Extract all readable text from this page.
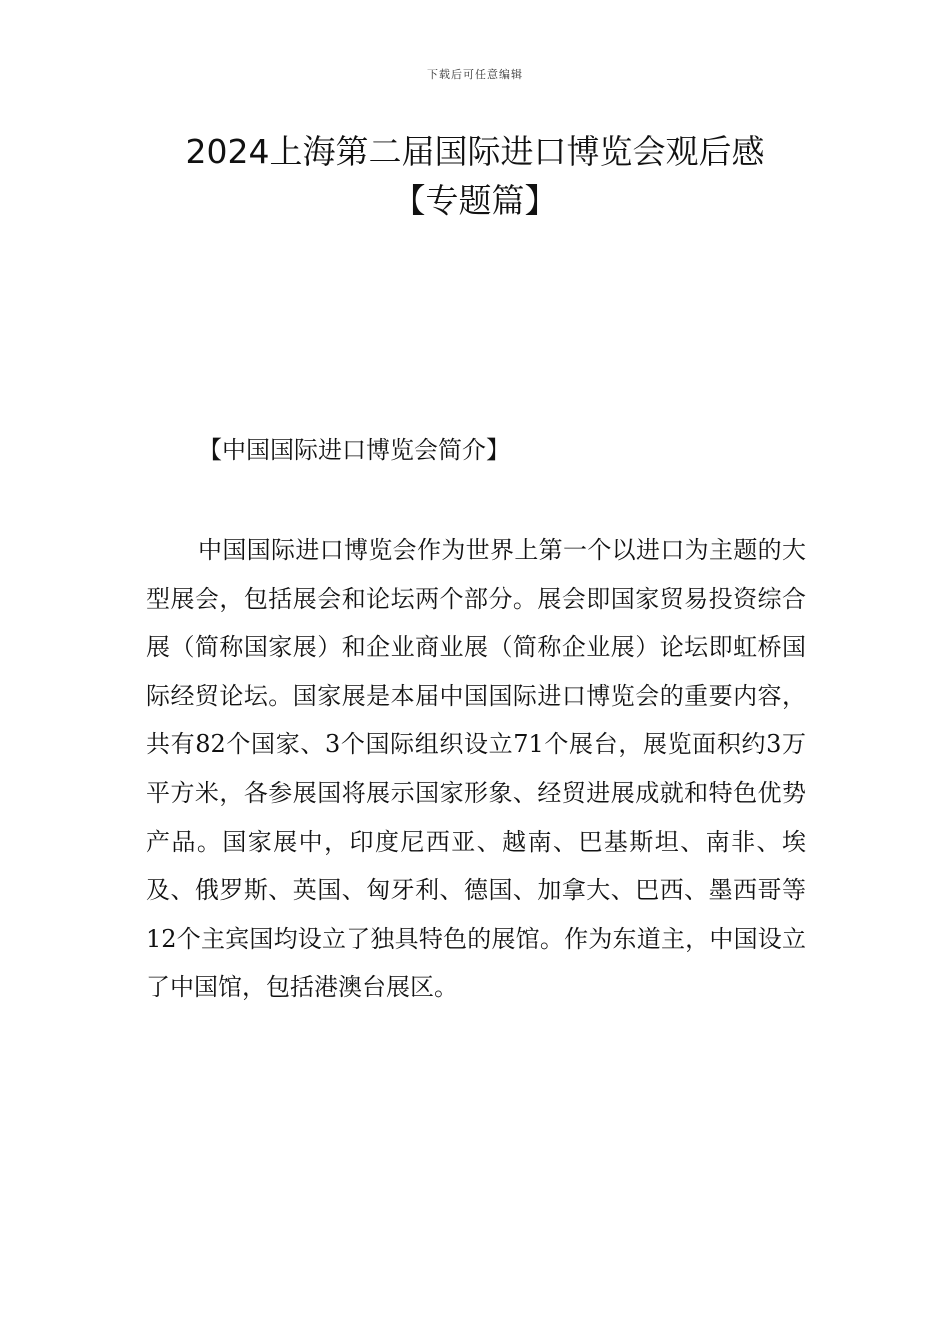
下载后可任意编辑
2024上海第二届国际进口博览会观后感
【专题篇】
【中国国际进口博览会简介】

中国国际进口博览会作为世界上第一个以进口为主题的大型展会，包括展会和论坛两个部分。展会即国家贸易投资综合展（简称国家展）和企业商业展（简称企业展）论坛即虹桥国际经贸论坛。国家展是本届中国国际进口博览会的重要内容，共有82个国家、3个国际组织设立71个展台，展览面积约3万平方米，各参展国将展示国家形象、经贸进展成就和特色优势产品。国家展中，印度尼西亚、越南、巴基斯坦、南非、埃及、俄罗斯、英国、匈牙利、德国、加拿大、巴西、墨西哥等12个主宾国均设立了独具特色的展馆。作为东道主，中国设立了中国馆，包括港澳台展区。
